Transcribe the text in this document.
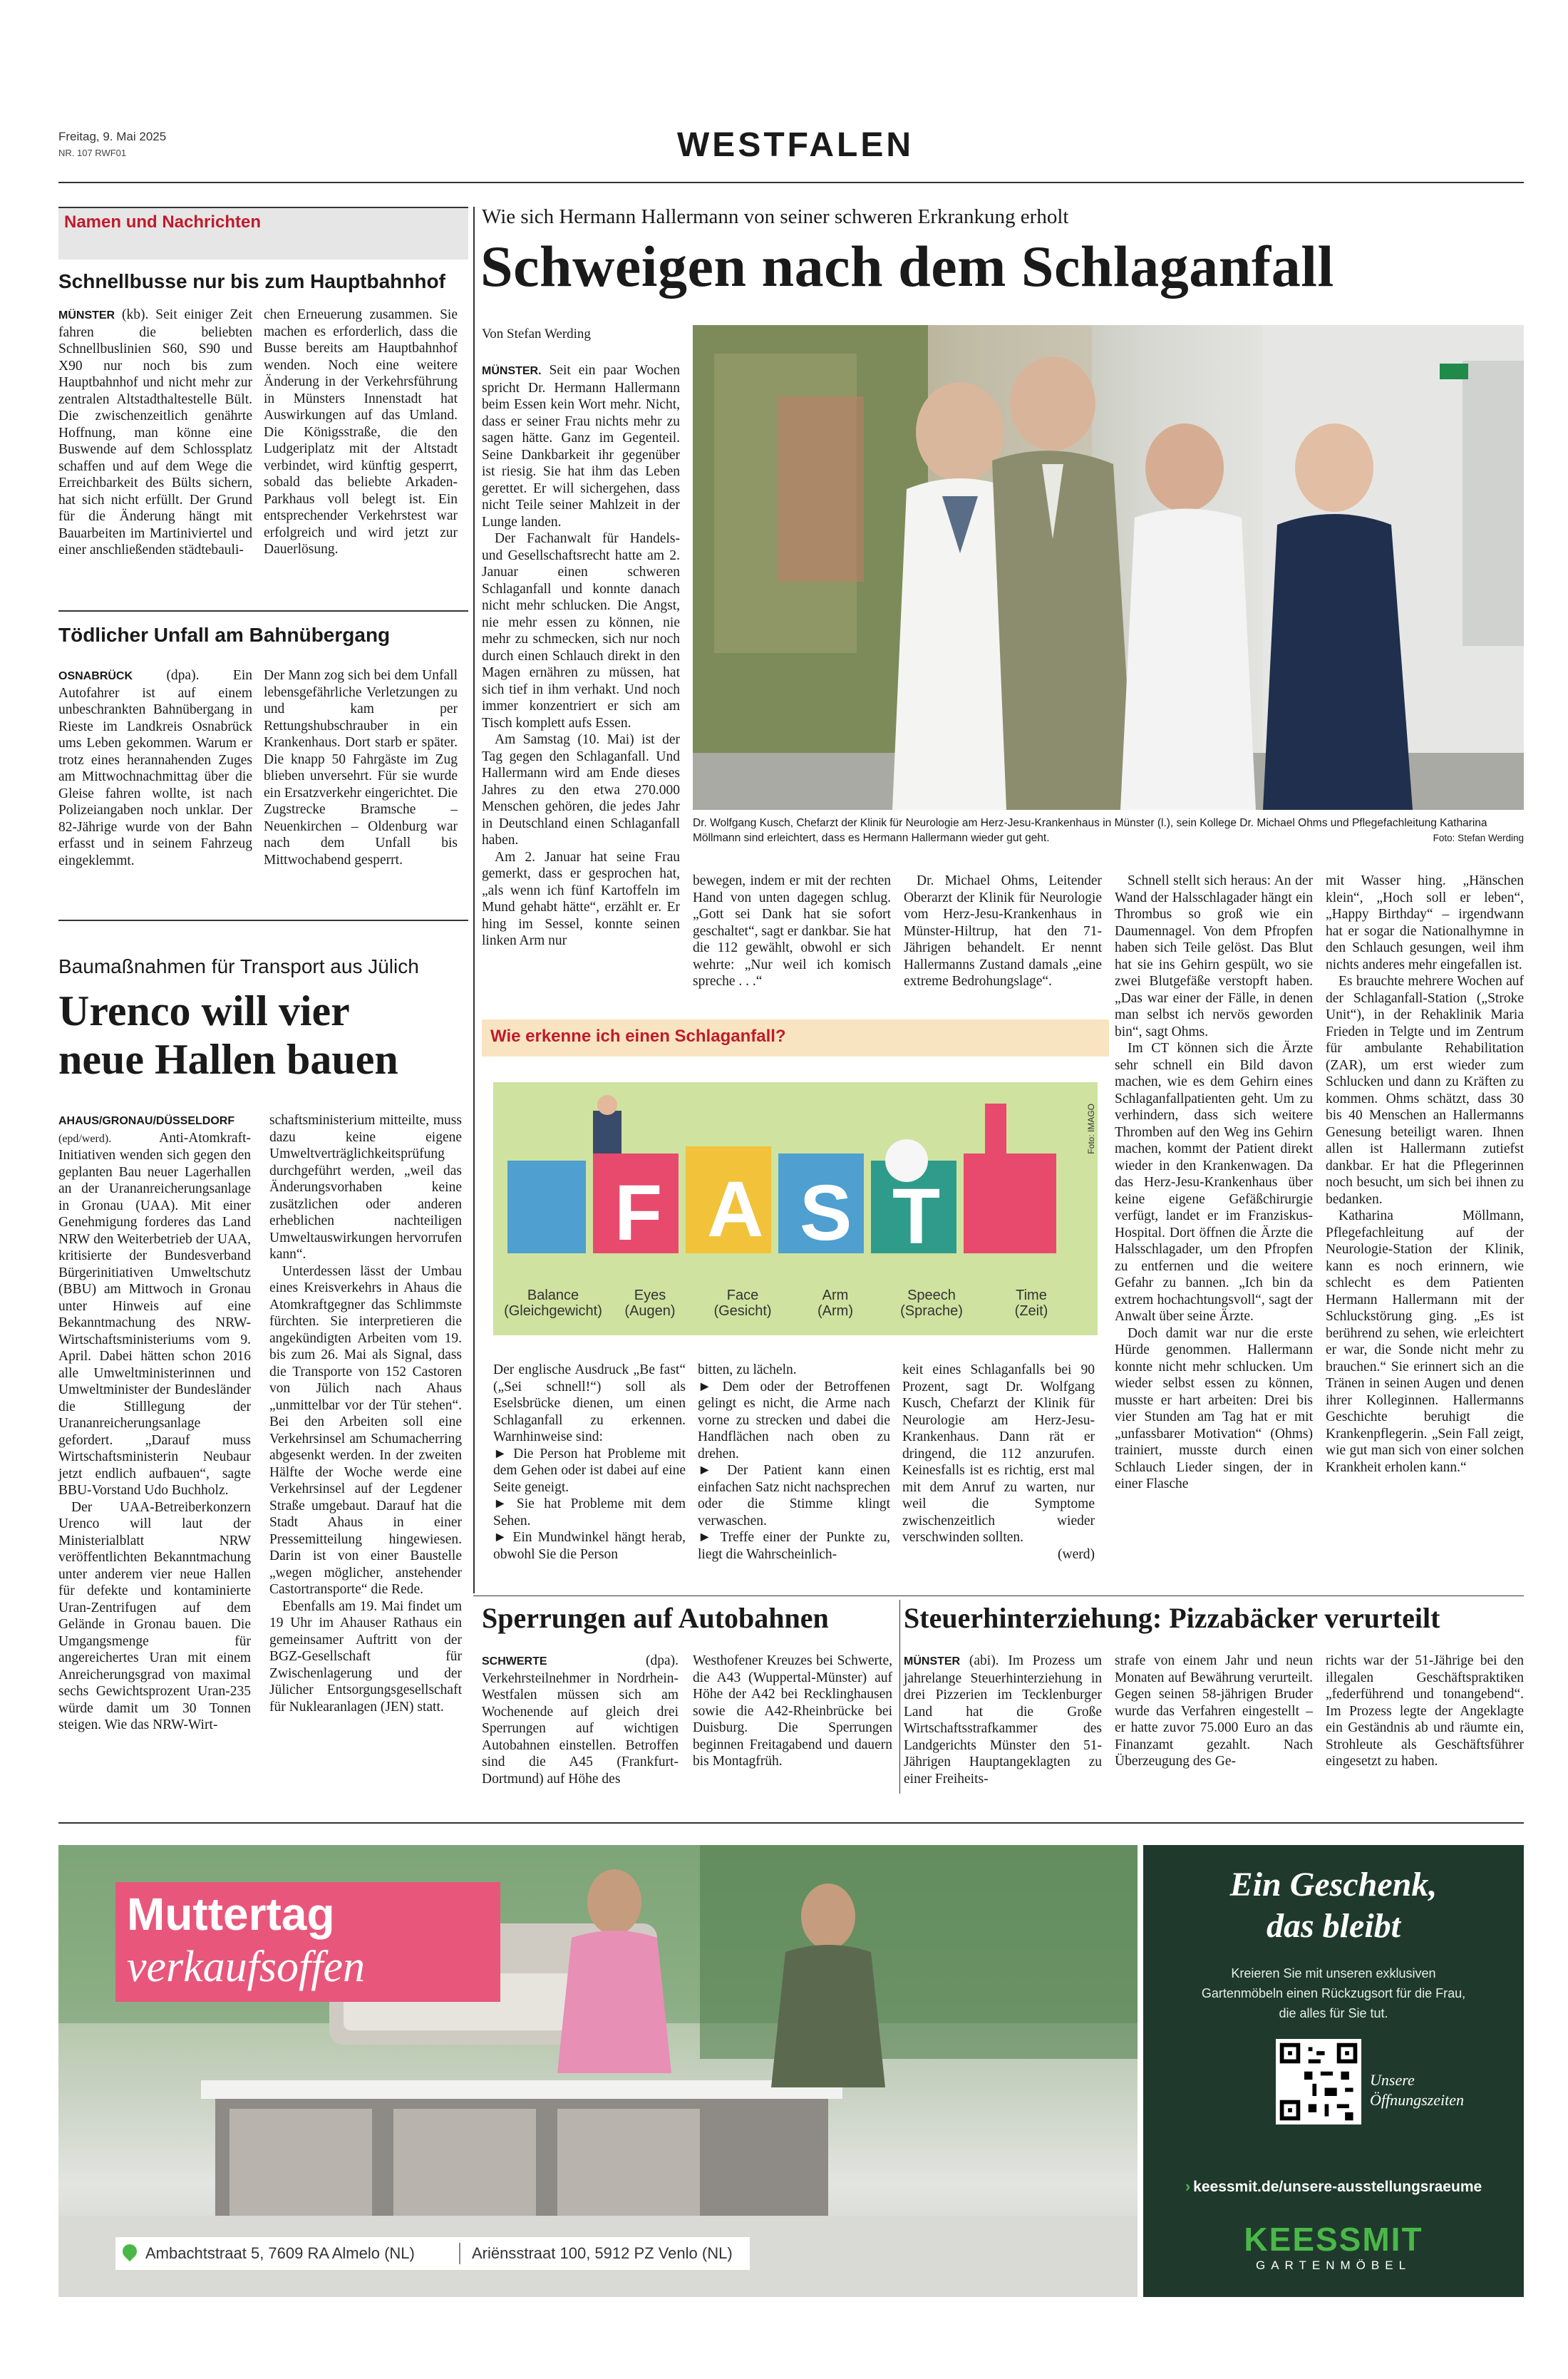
Freitag, 9. Mai 2025
NR. 107 RWF01	WESTFALEN
Namen und Nachrichten
Schnellbusse nur bis zum Hauptbahnhof

MÜNSTER (kb). Seit einiger Zeit fahren die beliebten Schnellbuslinien S60, S90 und X90 nur noch bis zum Hauptbahnhof und nicht mehr zur zentralen Altstadthaltestelle Bült. Die zwischenzeitlich genährte Hoffnung, man könne eine Buswende auf dem Schlossplatz schaffen und auf dem Wege die Erreichbarkeit des Bülts sichern, hat sich nicht erfüllt. Der Grund für die Änderung hängt mit Bauarbeiten im Martiniviertel und einer anschließenden städtebauli-

chen Erneuerung zusammen. Sie machen es erforderlich, dass die Busse bereits am Hauptbahnhof wenden. Noch eine weitere Änderung in der Verkehrsführung in Münsters Innenstadt hat Auswirkungen auf das Umland. Die Königsstraße, die den Ludgeriplatz mit der Altstadt verbindet, wird künftig gesperrt, sobald das beliebte Arkaden-Parkhaus voll belegt ist. Ein entsprechender Verkehrstest war erfolgreich und wird jetzt zur Dauerlösung.

Tödlicher Unfall am Bahnübergang

OSNABRÜCK (dpa). Ein Autofahrer ist auf einem unbeschrankten Bahnübergang in Rieste im Landkreis Osnabrück ums Leben gekommen. Warum er trotz eines herannahenden Zuges am Mittwochnachmittag über die Gleise fahren wollte, ist nach Polizeiangaben noch unklar. Der 82-Jährige wurde von der Bahn erfasst und in seinem Fahrzeug eingeklemmt.

Der Mann zog sich bei dem Unfall lebensgefährliche Verletzungen zu und kam per Rettungshubschrauber in ein Krankenhaus. Dort starb er später. Die knapp 50 Fahrgäste im Zug blieben unversehrt. Für sie wurde ein Ersatzverkehr eingerichtet. Die Zugstrecke Bramsche – Neuenkirchen – Oldenburg war nach dem Unfall bis Mittwochabend gesperrt.

Baumaßnahmen für Transport aus Jülich
Urenco will vier
neue Hallen bauen

AHAUS/GRONAU/DÜSSELDORF
(epd/werd).	Anti-Atomkraft-Initiativen wenden sich gegen den geplanten Bau neuer Lagerhallen an der Urananreicherungsanlage in Gronau (UAA). Mit einer Genehmigung forderes das Land NRW den Weiterbetrieb der UAA, kritisierte der Bundesverband Bürgerinitiativen Umweltschutz (BBU) am Mittwoch in Gronau unter Hinweis auf eine Bekanntmachung des NRW-Wirtschaftsministeriums vom 9. April. Dabei hätten schon 2016 alle Umweltministerinnen und Umweltminister der Bundesländer die Stilllegung der Urananreicherungsanlage gefordert. „Darauf muss Wirtschaftsministerin Neubaur jetzt endlich aufbauen“, sagte BBU-Vorstand Udo Buchholz.

Der UAA-Betreiberkonzern Urenco will laut der Ministerialblatt NRW veröffentlichten Bekanntmachung unter anderem vier neue Hallen für defekte und kontaminierte Uran-Zentrifugen auf dem Gelände in Gronau bauen. Die Umgangsmenge für angereichertes Uran mit einem Anreicherungsgrad von maximal sechs Gewichtsprozent Uran-235 würde damit um 30 Tonnen steigen. Wie das NRW-Wirt-

schaftsministerium mitteilte, muss dazu keine eigene Umweltverträglichkeitsprüfung durchgeführt werden, „weil das Änderungsvorhaben keine zusätzlichen oder anderen erheblichen nachteiligen Umweltauswirkungen hervorrufen kann“.

Unterdessen lässt der Umbau eines Kreisverkehrs in Ahaus die Atomkraftgegner das Schlimmste fürchten. Sie interpretieren die angekündigten Arbeiten vom 19. bis zum 26. Mai als Signal, dass die Transporte von 152 Castoren von Jülich nach Ahaus „unmittelbar vor der Tür stehen“. Bei den Arbeiten soll eine Verkehrsinsel am Schumacherring abgesenkt werden. In der zweiten Hälfte der Woche werde eine Verkehrsinsel auf der Legdener Straße umgebaut. Darauf hat die Stadt Ahaus in einer Pressemitteilung hingewiesen. Darin ist von einer Baustelle „wegen möglicher, anstehender Castortransporte“ die Rede.

Ebenfalls am 19. Mai findet um 19 Uhr im Ahauser Rathaus ein gemeinsamer Auftritt von der BGZ-Gesellschaft für Zwischenlagerung und der Jülicher Entsorgungsgesellschaft für Nuklearanlagen (JEN) statt.

Wie sich Hermann Hallermann von seiner schweren Erkrankung erholt
Schweigen nach dem Schlaganfall
Von Stefan Werding

MÜNSTER. Seit ein paar Wochen spricht Dr. Hermann Hallermann beim Essen kein Wort mehr. Nicht, dass er seiner Frau nichts mehr zu sagen hätte. Ganz im Gegenteil. Seine Dankbarkeit ihr gegenüber ist riesig. Sie hat ihm das Leben gerettet. Er will sichergehen, dass nicht Teile seiner Mahlzeit in der Lunge landen.

Der Fachanwalt für Handels- und Gesellschaftsrecht hatte am 2. Januar einen schweren Schlaganfall und konnte danach nicht mehr schlucken. Die Angst, nie mehr essen zu können, nie mehr zu schmecken, sich nur noch durch einen Schlauch direkt in den Magen ernähren zu müssen, hat sich tief in ihm verhakt. Und noch immer konzentriert er sich am Tisch komplett aufs Essen.

Am Samstag (10. Mai) ist der Tag gegen den Schlaganfall. Und Hallermann wird am Ende dieses Jahres zu den etwa 270.000 Menschen gehören, die jedes Jahr in Deutschland einen Schlaganfall haben.

Am 2. Januar hat seine Frau gemerkt, dass er gesprochen hat, „als wenn ich fünf Kartoffeln im Mund gehabt hätte“, erzählt er. Er hing im Sessel, konnte seinen linken Arm nur

Dr. Wolfgang Kusch, Chefarzt der Klinik für Neurologie am Herz-Jesu-Krankenhaus in Münster (l.), sein Kollege Dr. Michael Ohms und Pflegefachleitung Katharina Möllmann sind erleichtert, dass es Hermann Hallermann wieder gut geht.	Foto: Stefan Werding

bewegen, indem er mit der rechten Hand von unten dagegen schlug. „Gott sei Dank hat sie sofort geschaltet“, sagt er dankbar. Sie hat die 112 gewählt, obwohl er sich wehrte: „Nur weil ich komisch spreche . . .“

Dr. Michael Ohms, Leitender Oberarzt der Klinik für Neurologie vom Herz-Jesu-Krankenhaus in Münster-Hiltrup, hat den 71-Jährigen behandelt. Er nennt Hallermanns Zustand damals „eine extreme Bedrohungslage“.

Schnell stellt sich heraus: An der Wand der Halsschlagader hängt ein Thrombus so groß wie ein Daumennagel. Von dem Pfropfen haben sich Teile gelöst. Das Blut hat sie ins Gehirn gespült, wo sie zwei Blutgefäße verstopft haben. „Das war einer der Fälle, in denen man selbst ich nervös geworden bin“, sagt Ohms.

Im CT können sich die Ärzte sehr schnell ein Bild davon machen, wie es dem Gehirn eines Schlaganfallpatienten geht. Um zu verhindern, dass sich weitere Thromben auf den Weg ins Gehirn machen, kommt der Patient direkt wieder in den Krankenwagen. Da das Herz-Jesu-Krankenhaus über keine eigene Gefäßchirurgie verfügt, landet er im Franziskus-Hospital. Dort öffnen die Ärzte die Halsschlagader, um den Pfropfen zu entfernen und die weitere Gefahr zu bannen. „Ich bin da extrem hochachtungsvoll“, sagt der Anwalt über seine Ärzte.

Doch damit war nur die erste Hürde genommen. Hallermann konnte nicht mehr schlucken. Um wieder selbst essen zu können, musste er hart arbeiten: Drei bis vier Stunden am Tag hat er mit „unfassbarer Motivation“ (Ohms) trainiert, musste durch einen Schlauch Lieder singen, der in einer Flasche

mit Wasser hing. „Hänschen klein“, „Hoch soll er leben“, „Happy Birthday“ – irgendwann hat er sogar die Nationalhymne in den Schlauch gesungen, weil ihm nichts anderes mehr eingefallen ist.

Es brauchte mehrere Wochen auf der Schlaganfall-Station („Stroke Unit“), in der Rehaklinik Maria Frieden in Telgte und im Zentrum für ambulante Rehabilitation (ZAR), um erst wieder zum Schlucken und dann zu Kräften zu kommen. Ohms schätzt, dass 30 bis 40 Menschen an Hallermanns Genesung beteiligt waren. Ihnen allen ist Hallermann zutiefst dankbar. Er hat die Pflegerinnen noch besucht, um sich bei ihnen zu bedanken.

Katharina Möllmann, Pflegefachleitung auf der Neurologie-Station der Klinik, kann es noch erinnern, wie schlecht es dem Patienten Hermann Hallermann mit der Schluckstörung ging. „Es ist berührend zu sehen, wie erleichtert er war, die Sonde nicht mehr zu brauchen.“ Sie erinnert sich an die Tränen in seinen Augen und denen ihrer Kolleginnen. Hallermanns Geschichte beruhigt die Krankenpflegerin. „Sein Fall zeigt, wie gut man sich von einer solchen Krankheit erholen kann.“

Wie erkenne ich einen Schlaganfall?
F A S T
Foto: IMAGO
Balance
(Gleichgewicht)
Eyes
(Augen)
Face
(Gesicht)
Arm
(Arm)
Speech
(Sprache)
Time
(Zeit)

Der englische Ausdruck „Be fast“ („Sei schnell!“) soll als Eselsbrücke dienen, um einen Schlaganfall zu erkennen. Warnhinweise sind:

► Die Person hat Probleme mit dem Gehen oder ist dabei auf eine Seite geneigt.

► Sie hat Probleme mit dem Sehen.

► Ein Mundwinkel hängt herab, obwohl Sie die Person

bitten, zu lächeln.

► Dem oder der Betroffenen gelingt es nicht, die Arme nach vorne zu strecken und dabei die Handflächen nach oben zu drehen.

► Der Patient kann einen einfachen Satz nicht nachsprechen oder die Stimme klingt verwaschen.

► Treffe einer der Punkte zu, liegt die Wahrscheinlich-

keit eines Schlaganfalls bei 90 Prozent, sagt Dr. Wolfgang Kusch, Chefarzt der Klinik für Neurologie am Herz-Jesu-Krankenhaus. Dann rät er dringend, die 112 anzurufen. Keinesfalls ist es richtig, erst mal mit dem Anruf zu warten, nur weil die Symptome zwischenzeitlich wieder verschwinden sollten.

(werd)
Sperrungen auf Autobahnen

SCHWERTE	(dpa). Verkehrsteilnehmer in Nordrhein-Westfalen müssen sich am Wochenende auf gleich drei Sperrungen auf wichtigen Autobahnen einstellen. Betroffen sind die A45 (Frankfurt-Dortmund) auf Höhe des

Westhofener Kreuzes bei Schwerte, die A43 (Wuppertal-Münster) auf Höhe der A42 bei Recklinghausen sowie die A42-Rheinbrücke bei Duisburg. Die Sperrungen beginnen Freitagabend und dauern bis Montagfrüh.

Steuerhinterziehung: Pizzabäcker verurteilt

MÜNSTER (abi). Im Prozess um jahrelange Steuerhinterziehung in drei Pizzerien im Tecklenburger Land hat die Große Wirtschaftsstrafkammer des Landgerichts Münster den 51-Jährigen Hauptangeklagten zu einer Freiheits-

strafe von einem Jahr und neun Monaten auf Bewährung verurteilt. Gegen seinen 58-jährigen Bruder wurde das Verfahren eingestellt – er hatte zuvor 75.000 Euro an das Finanzamt gezahlt. Nach Überzeugung des Ge-

richts war der 51-Jährige bei den illegalen Geschäftspraktiken „federführend und tonangebend“. Im Prozess legte der Angeklagte ein Geständnis ab und räumte ein, Strohleute als Geschäftsführer eingesetzt zu haben.

Muttertag
verkaufsoffen
Ambachtstraat 5, 7609 RA Almelo (NL)	Ariënsstraat 100, 5912 PZ Venlo (NL)
Ein Geschenk,
das bleibt
Kreieren Sie mit unseren exklusiven Gartenmöbeln einen Rückzugsort für die Frau, die alles für Sie tut.
Unsere Öffnungszeiten
› keessmit.de/unsere-ausstellungsraeume
KEESSMIT
GARTENMÖBEL
